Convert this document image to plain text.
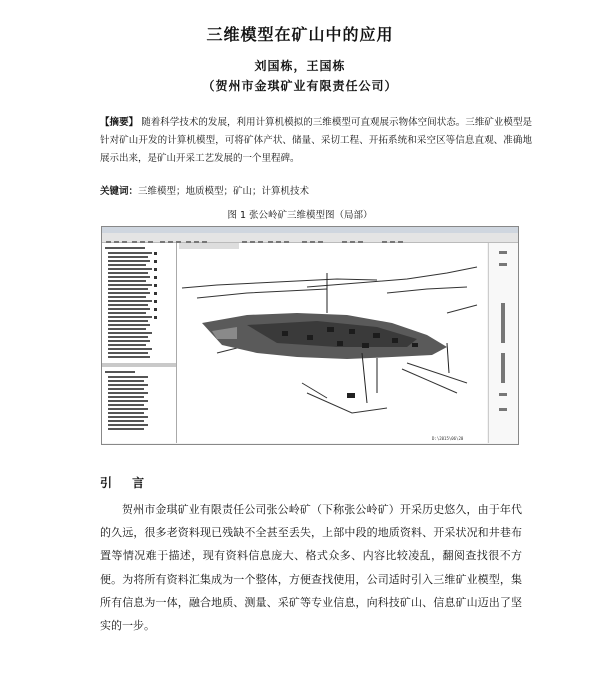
三维模型在矿山中的应用
刘国栋，王国栋
（贺州市金琪矿业有限责任公司）
【摘要】 随着科学技术的发展，利用计算机模拟的三维模型可直观展示物体空间状态。三维矿业模型是针对矿山开发的计算机模型，可将矿体产状、储量、采切工程、开拓系统和采空区等信息直观、准确地展示出来，是矿山开采工艺发展的一个里程碑。
关键词：三维模型；地质模型；矿山；计算机技术
图 1 张公岭矿三维模型图（局部）
D:\2015\06\20
引 言
贺州市金琪矿业有限责任公司张公岭矿（下称张公岭矿）开采历史悠久，由于年代的久远，很多老资料现已残缺不全甚至丢失，上部中段的地质资料、开采状况和井巷布置等情况难于描述，现有资料信息庞大、格式众多、内容比较凌乱，翻阅查找很不方便。为将所有资料汇集成为一个整体，方便查找使用，公司适时引入三维矿业模型，集所有信息为一体，融合地质、测量、采矿等专业信息，向科技矿山、信息矿山迈出了坚实的一步。
